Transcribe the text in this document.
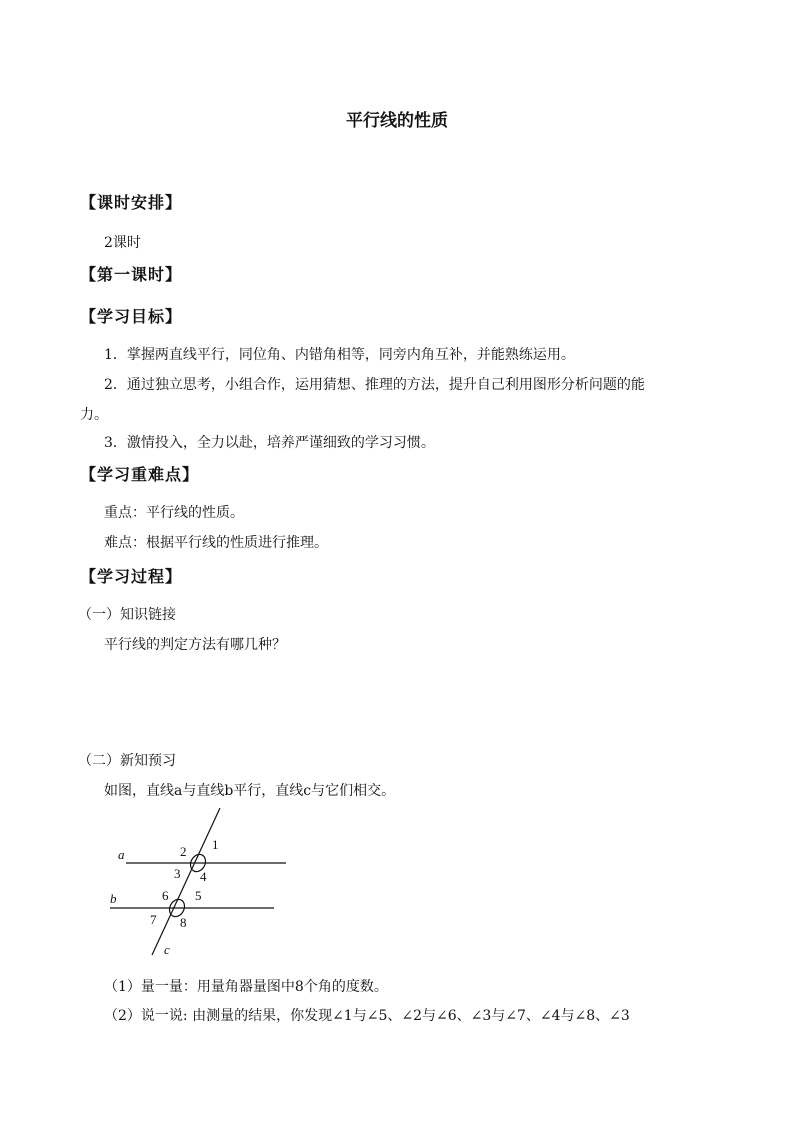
平行线的性质
【课时安排】
2课时
【第一课时】
【学习目标】
1．掌握两直线平行，同位角、内错角相等，同旁内角互补，并能熟练运用。
2．通过独立思考，小组合作，运用猜想、推理的方法，提升自己利用图形分析问题的能
力。
3．激情投入，全力以赴，培养严谨细致的学习习惯。
【学习重难点】
重点：平行线的性质。
难点：根据平行线的性质进行推理。
【学习过程】
（一）知识链接
平行线的判定方法有哪几种？
（二）新知预习
如图，直线a与直线b平行，直线c与它们相交。
a
b
c
1
2
3 4
5
6
7 8
（1）量一量：用量角器量图中8个角的度数。
（2）说一说: 由测量的结果，你发现∠1与∠5、∠2与∠6、∠3与∠7、∠4与∠8、∠3
